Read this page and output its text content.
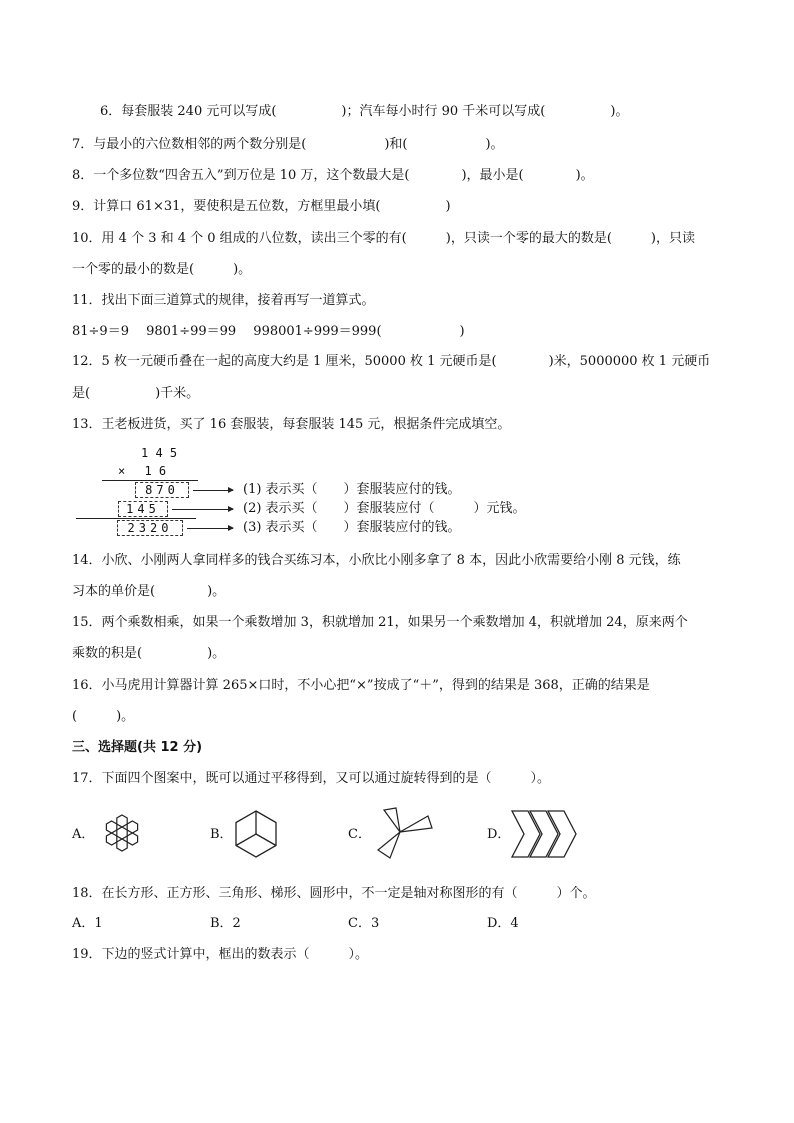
6．每套服装 240 元可以写成(　　　　　)；汽车每小时行 90 千米可以写成(　　　　　)。
7．与最小的六位数相邻的两个数分别是(　　　　　　)和(　　　　　　)。
8．一个多位数“四舍五入”到万位是 10 万，这个数最大是(　　　　)，最小是(　　　　)。
9．计算口 61×31，要使积是五位数，方框里最小填(　　　　　)
10．用 4 个 3 和 4 个 0 组成的八位数，读出三个零的有(　　　)，只读一个零的最大的数是(　　　)，只读
一个零的最小的数是(　　　)。
11．找出下面三道算式的规律，接着再写一道算式。
81÷9＝9　 9801÷99＝99　 998001÷999＝999(　　　　　　)
12．5 枚一元硬币叠在一起的高度大约是 1 厘米，50000 枚 1 元硬币是(　　　　)米，5000000 枚 1 元硬币
是(　　　　　)千米。
13．王老板进货，买了 16 套服装，每套服装 145 元，根据条件完成填空。
1 4 5
×　 1 6
870
145
2320
(1) 表示买（　　）套服装应付的钱。
(2) 表示买（　　）套服装应付（　　　）元钱。
(3) 表示买（　　）套服装应付的钱。
14．小欣、小刚两人拿同样多的钱合买练习本，小欣比小刚多拿了 8 本，因此小欣需要给小刚 8 元钱，练
习本的单价是(　　　　)。
15．两个乘数相乘，如果一个乘数增加 3，积就增加 21，如果另一个乘数增加 4，积就增加 24，原来两个
乘数的积是(　　　　　)。
16．小马虎用计算器计算 265×口时，不小心把“×”按成了“＋”，得到的结果是 368，正确的结果是
(　　　)。
三、选择题(共 12 分)
17．下面四个图案中，既可以通过平移得到，又可以通过旋转得到的是（　　　）。
A．	B．	C．	D．
18．在长方形、正方形、三角形、梯形、圆形中，不一定是轴对称图形的有（　　　）个。
A．1	B．2	C．3	D．4
19．下边的竖式计算中，框出的数表示（　　　）。
